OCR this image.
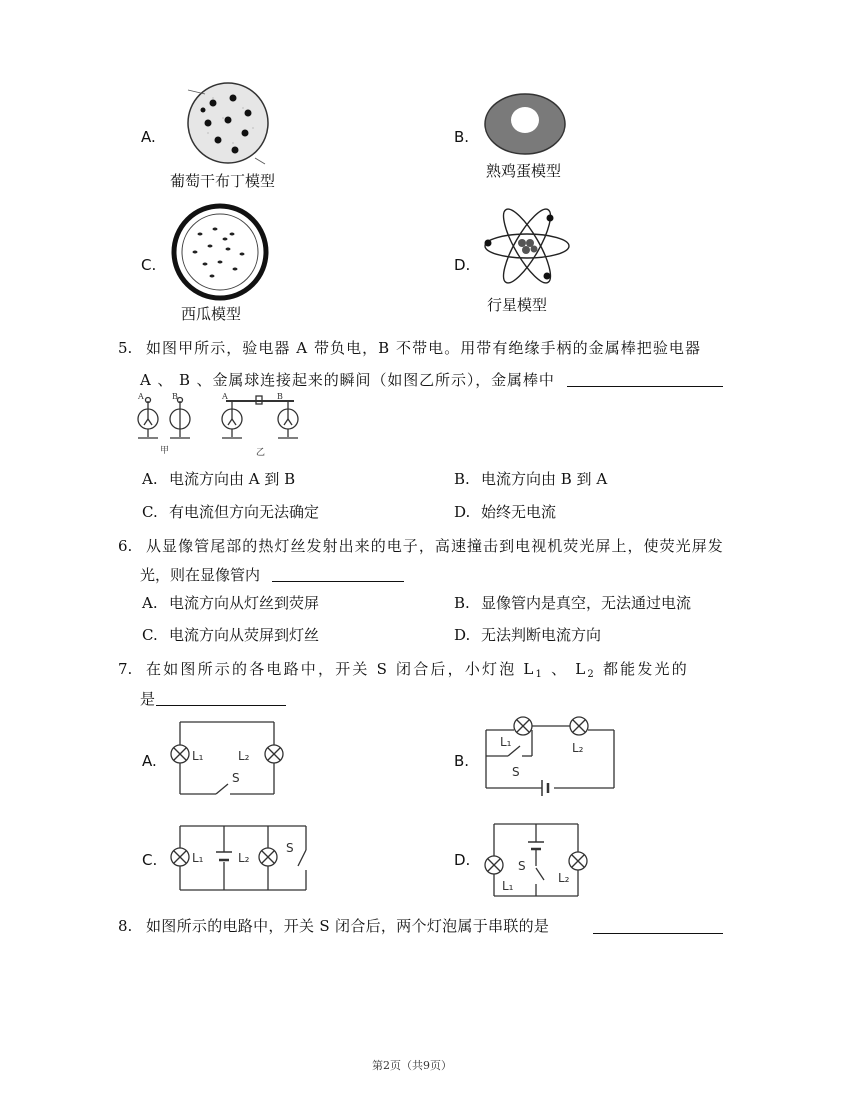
A.
葡萄干布丁模型
B.
熟鸡蛋模型
C.
西瓜模型
D.
行星模型
5. 如图甲所示，验电器 A 带负电，B 不带电。用带有绝缘手柄的金属棒把验电器
A 、 B 、金属球连接起来的瞬间（如图乙所示），金属棒中
A	B	A	B
甲	乙
A. 电流方向由 A 到 B	B. 电流方向由 B 到 A
C. 有电流但方向无法确定	D. 始终无电流
6. 从显像管尾部的热灯丝发射出来的电子，高速撞击到电视机荧光屏上，使荧光屏发
光，则在显像管内
A. 电流方向从灯丝到荧屏	B. 显像管内是真空，无法通过电流
C. 电流方向从荧屏到灯丝	D. 无法判断电流方向
7. 在如图所示的各电路中，开关 S 闭合后，小灯泡 $L_1$ 、 $L_2$ 都能发光的
是
A.	L₁	L₂
S
B.
L₁	L₂
S
C.	L₁	L₂
S
D.
L₁
L₂
S
8. 如图所示的电路中，开关 S 闭合后，两个灯泡属于串联的是
第2页（共9页）
